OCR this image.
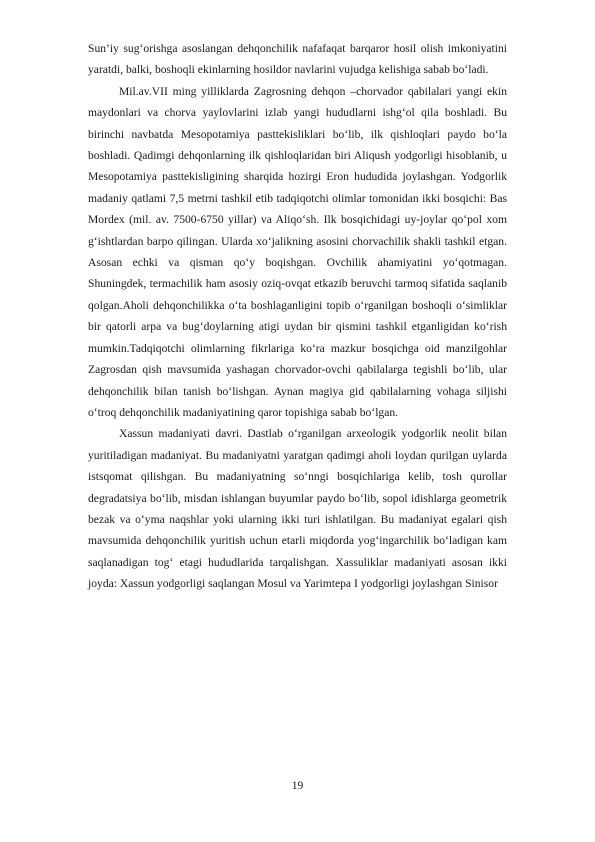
Sun’iy sug‘orishga asoslangan dehqonchilik nafafaqat barqaror hosil olish imkoniyatini yaratdi, balki, boshoqli ekinlarning hosildor navlarini vujudga kelishiga sabab bo‘ladi.

Mil.av.VII ming yilliklarda Zagrosning dehqon –chorvador qabilalari yangi ekin maydonlari va chorva yaylovlarini izlab yangi hududlarni ishg‘ol qila boshladi. Bu birinchi navbatda Mesopotamiya pasttekisliklari bo‘lib, ilk qishloqlari paydo bo‘la boshladi. Qadimgi dehqonlarning ilk qishloqlaridan biri Aliqush yodgorligi hisoblanib, u Mesopotamiya pasttekisligining sharqida hozirgi Eron hududida joylashgan. Yodgorlik madaniy qatlami 7,5 metrni tashkil etib tadqiqotchi olimlar tomonidan ikki bosqichi: Bas Mordex (mil. av. 7500-6750 yillar) va Aliqo‘sh. Ilk bosqichidagi uy-joylar qo‘pol xom g‘ishtlardan barpo qilingan. Ularda xo‘jalikning asosini chorvachilik shakli tashkil etgan. Asosan echki va qisman qo‘y boqishgan. Ovchilik ahamiyatini yo‘qotmagan. Shuningdek, termachilik ham asosiy oziq-ovqat etkazib beruvchi tarmoq sifatida saqlanib qolgan.Aholi dehqonchilikka o‘ta boshlaganligini topib o‘rganilgan boshoqli o‘simliklar bir qatorli arpa va bug‘doylarning atigi uydan bir qismini tashkil etganligidan ko‘rish mumkin.Tadqiqotchi olimlarning fikrlariga ko‘ra mazkur bosqichga oid manzilgohlar Zagrosdan qish mavsumida yashagan chorvador-ovchi qabilalarga tegishli bo‘lib, ular dehqonchilik bilan tanish bo‘lishgan. Aynan magiya gid qabilalarning vohaga siljishi o‘troq dehqonchilik madaniyatining qaror topishiga sabab bo‘lgan.

Xassun madaniyati davri. Dastlab o‘rganilgan arxeologik yodgorlik neolit bilan yuritiladigan madaniyat. Bu madaniyatni yaratgan qadimgi aholi loydan qurilgan uylarda istsqomat qilishgan. Bu madaniyatning so‘nngi bosqichlariga kelib, tosh qurollar degradatsiya bo‘lib, misdan ishlangan buyumlar paydo bo‘lib, sopol idishlarga geometrik bezak va o‘yma naqshlar yoki ularning ikki turi ishlatilgan. Bu madaniyat egalari qish mavsumida dehqonchilik yuritish uchun etarli miqdorda yog‘ingarchilik bo‘ladigan kam saqlanadigan tog‘ etagi hududlarida tarqalishgan. Xassuliklar madaniyati asosan ikki joyda: Xassun yodgorligi saqlangan Mosul va Yarimtepa I yodgorligi joylashgan Sinisor

19
